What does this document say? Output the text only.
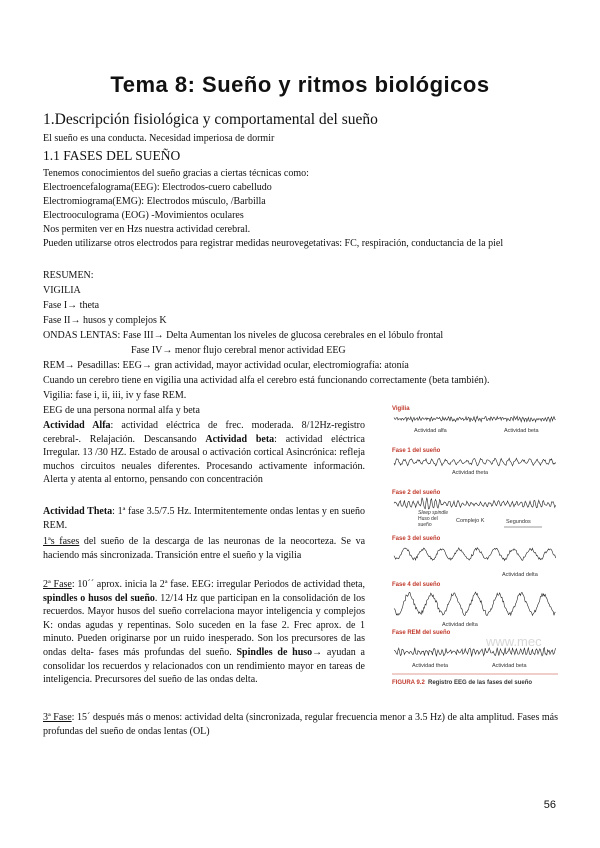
Tema 8: Sueño y ritmos biológicos
1.Descripción fisiológica y comportamental del sueño
El sueño es una conducta. Necesidad imperiosa de dormir
1.1 FASES DEL SUEÑO
Tenemos conocimientos del sueño gracias a ciertas técnicas como:
Electroencefalograma(EEG): Electrodos-cuero cabelludo
Electromiograma(EMG): Electrodos músculo, /Barbilla
Electrooculograma (EOG) -Movimientos oculares
Nos permiten ver en Hzs nuestra actividad cerebral.
Pueden utilizarse otros electrodos para registrar medidas neurovegetativas: FC, respiración, conductancia de la piel
RESUMEN:
VIGILIA
Fase I→ theta
Fase II→ husos y complejos K
ONDAS LENTAS: Fase III→ Delta Aumentan los niveles de glucosa cerebrales en el lóbulo frontal
Fase IV→ menor flujo cerebral menor actividad EEG
REM→ Pesadillas: EEG→ gran actividad, mayor actividad ocular, electromiografía: atonía
Cuando un cerebro tiene en vigilia una actividad alfa el cerebro está funcionando correctamente (beta también).
Vigilia: fase i, ii, iii, iv y fase REM.
EEG de una persona normal alfa y beta
Actividad Alfa: actividad eléctrica de frec. moderada. 8/12Hz-registro cerebral-. Relajación. Descansando Actividad beta: actividad eléctrica Irregular. 13 /30 HZ. Estado de arousal o activación cortical Asincrónica: refleja muchos circuitos neuales diferentes. Procesando activamente información. Alerta y atenta al entorno, pensando con concentración
Actividad Theta: 1ª fase 3.5/7.5 Hz. Intermitentemente ondas lentas y en sueño REM.
1ªs fases del sueño de la descarga de las neuronas de la neocorteza. Se va haciendo más sincronizada. Transición entre el sueño y la vigilia
2ª Fase: 10´´ aprox. inicia la 2ª fase. EEG: irregular Periodos de actividad theta, spindles o husos del sueño. 12/14 Hz que participan en la consolidación de los recuerdos. Mayor husos del sueño correlaciona mayor inteligencia y complejos K: ondas agudas y repentinas. Solo suceden en la fase 2. Frec aprox. de 1 minuto. Pueden originarse por un ruido inesperado. Son los precursores de las ondas delta- fases más profundas del sueño. Spindles de huso→ ayudan a consolidar los recuerdos y relacionados con un rendimiento mayor en tareas de inteligencia. Precursores del sueño de las ondas delta.
3ª Fase: 15´ después más o menos: actividad delta (sincronizada, regular frecuencia menor a 3.5 Hz) de alta amplitud. Fases más profundas del sueño de ondas lentas (OL)
Vigilia
Actividad alfa	Actividad beta
Fase 1 del sueño
Actividad theta
Fase 2 del sueño
Sleep spindle
Huso del
sueño
Complejo K	Segundos
Fase 3 del sueño
Actividad delta
Fase 4 del sueño
Actividad delta
Fase REM del sueño
www.mec
Actividad theta	Actividad beta
FIGURA 9.2 Registro EEG de las fases del sueño
56
